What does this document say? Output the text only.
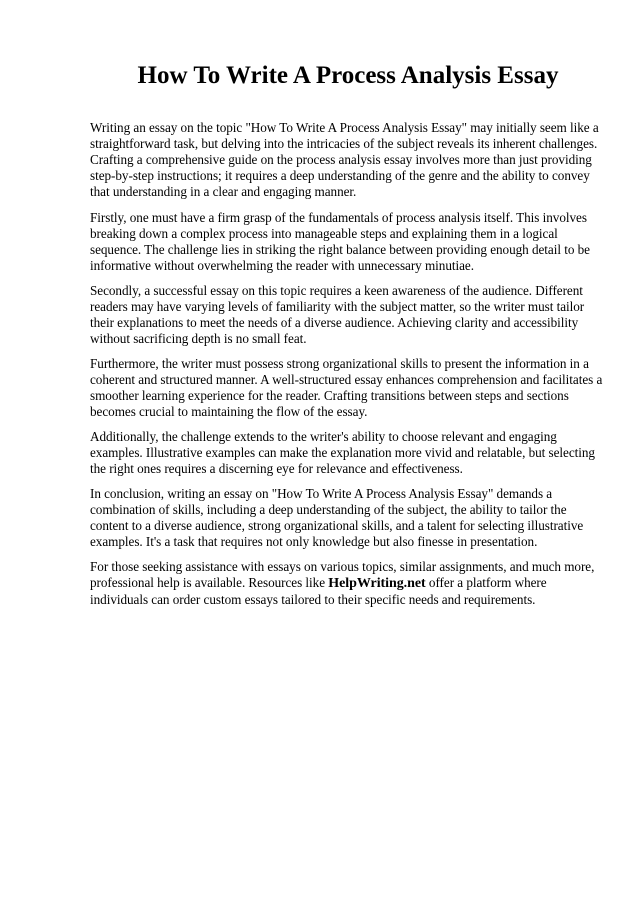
How To Write A Process Analysis Essay

Writing an essay on the topic "How To Write A Process Analysis Essay" may initially seem like a straightforward task, but delving into the intricacies of the subject reveals its inherent challenges. Crafting a comprehensive guide on the process analysis essay involves more than just providing step-by-step instructions; it requires a deep understanding of the genre and the ability to convey that understanding in a clear and engaging manner.

Firstly, one must have a firm grasp of the fundamentals of process analysis itself. This involves breaking down a complex process into manageable steps and explaining them in a logical sequence. The challenge lies in striking the right balance between providing enough detail to be informative without overwhelming the reader with unnecessary minutiae.

Secondly, a successful essay on this topic requires a keen awareness of the audience. Different readers may have varying levels of familiarity with the subject matter, so the writer must tailor their explanations to meet the needs of a diverse audience. Achieving clarity and accessibility without sacrificing depth is no small feat.

Furthermore, the writer must possess strong organizational skills to present the information in a coherent and structured manner. A well-structured essay enhances comprehension and facilitates a smoother learning experience for the reader. Crafting transitions between steps and sections becomes crucial to maintaining the flow of the essay.

Additionally, the challenge extends to the writer's ability to choose relevant and engaging examples. Illustrative examples can make the explanation more vivid and relatable, but selecting the right ones requires a discerning eye for relevance and effectiveness.

In conclusion, writing an essay on "How To Write A Process Analysis Essay" demands a combination of skills, including a deep understanding of the subject, the ability to tailor the content to a diverse audience, strong organizational skills, and a talent for selecting illustrative examples. It's a task that requires not only knowledge but also finesse in presentation.

For those seeking assistance with essays on various topics, similar assignments, and much more, professional help is available. Resources like HelpWriting.net offer a platform where individuals can order custom essays tailored to their specific needs and requirements.
